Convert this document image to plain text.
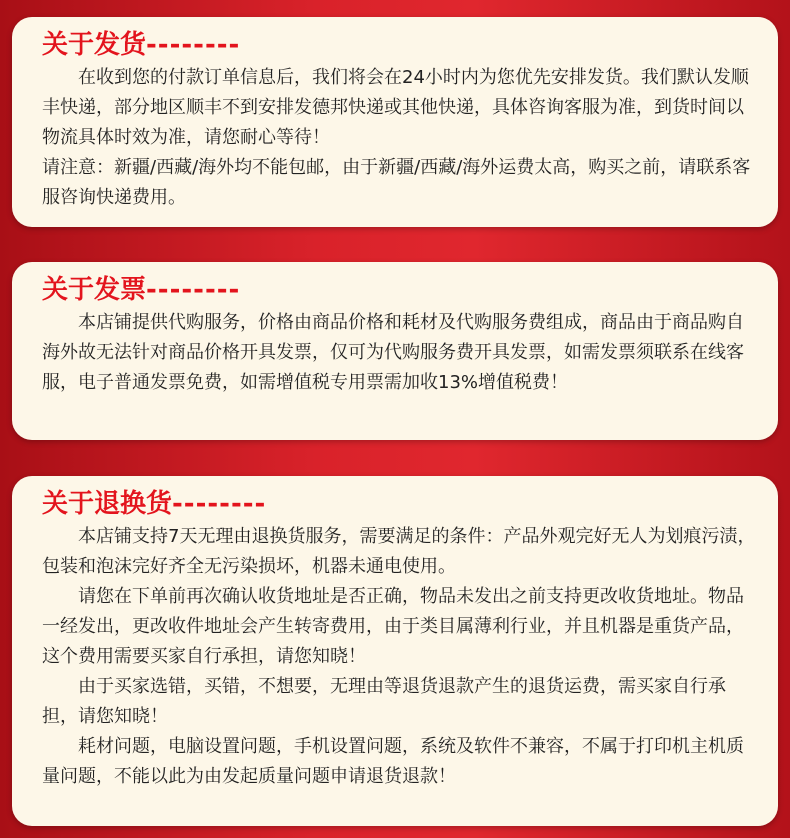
关于发货--------

在收到您的付款订单信息后，我们将会在24小时内为您优先安排发货。我们默认发顺丰快递，部分地区顺丰不到安排发德邦快递或其他快递，具体咨询客服为准，到货时间以物流具体时效为准，请您耐心等待！

请注意：新疆/西藏/海外均不能包邮，由于新疆/西藏/海外运费太高，购买之前，请联系客服咨询快递费用。

关于发票--------

本店铺提供代购服务，价格由商品价格和耗材及代购服务费组成，商品由于商品购自海外故无法针对商品价格开具发票，仅可为代购服务费开具发票，如需发票须联系在线客服，电子普通发票免费，如需增值税专用票需加收13%增值税费！

关于退换货--------

本店铺支持7天无理由退换货服务，需要满足的条件：产品外观完好无人为划痕污渍，包装和泡沫完好齐全无污染损坏，机器未通电使用。

请您在下单前再次确认收货地址是否正确，物品未发出之前支持更改收货地址。物品一经发出，更改收件地址会产生转寄费用，由于类目属薄利行业，并且机器是重货产品，这个费用需要买家自行承担，请您知晓！

由于买家选错，买错，不想要，无理由等退货退款产生的退货运费，需买家自行承担，请您知晓！

耗材问题，电脑设置问题，手机设置问题，系统及软件不兼容，不属于打印机主机质量问题，不能以此为由发起质量问题申请退货退款！
